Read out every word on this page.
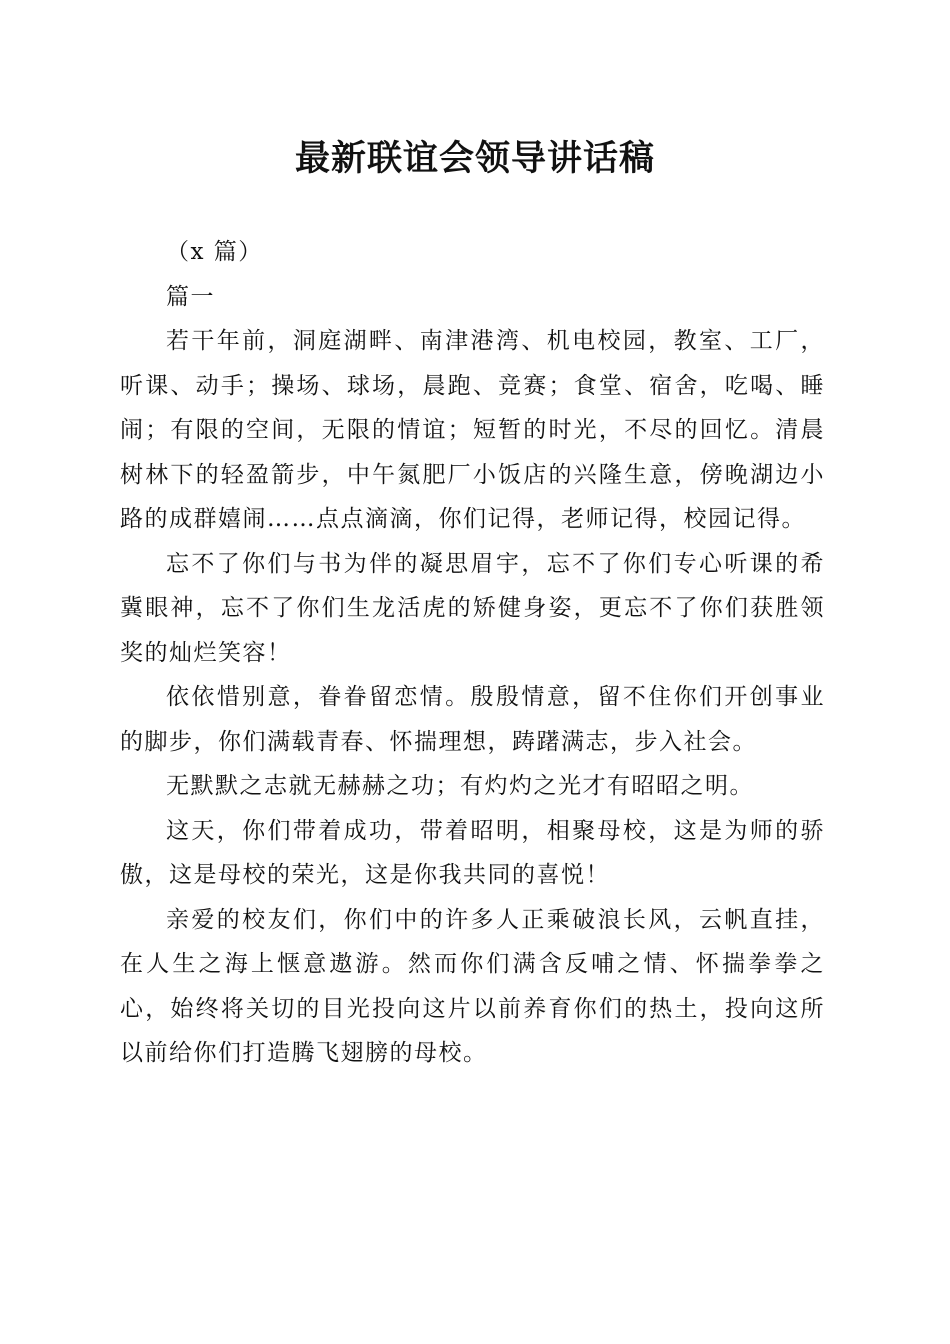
最新联谊会领导讲话稿

（x 篇）

篇一

若干年前，洞庭湖畔、南津港湾、机电校园，教室、工厂，听课、动手；操场、球场，晨跑、竞赛；食堂、宿舍，吃喝、睡闹；有限的空间，无限的情谊；短暂的时光，不尽的回忆。清晨树林下的轻盈箭步，中午氮肥厂小饭店的兴隆生意，傍晚湖边小路的成群嬉闹……点点滴滴，你们记得，老师记得，校园记得。

忘不了你们与书为伴的凝思眉宇，忘不了你们专心听课的希冀眼神，忘不了你们生龙活虎的矫健身姿，更忘不了你们获胜领奖的灿烂笑容！

依依惜别意，眷眷留恋情。殷殷情意，留不住你们开创事业的脚步，你们满载青春、怀揣理想，踌躇满志，步入社会。

无默默之志就无赫赫之功；有灼灼之光才有昭昭之明。

这天，你们带着成功，带着昭明，相聚母校，这是为师的骄傲，这是母校的荣光，这是你我共同的喜悦！

亲爱的校友们，你们中的许多人正乘破浪长风，云帆直挂，在人生之海上惬意遨游。然而你们满含反哺之情、怀揣拳拳之心，始终将关切的目光投向这片以前养育你们的热土，投向这所以前给你们打造腾飞翅膀的母校。
